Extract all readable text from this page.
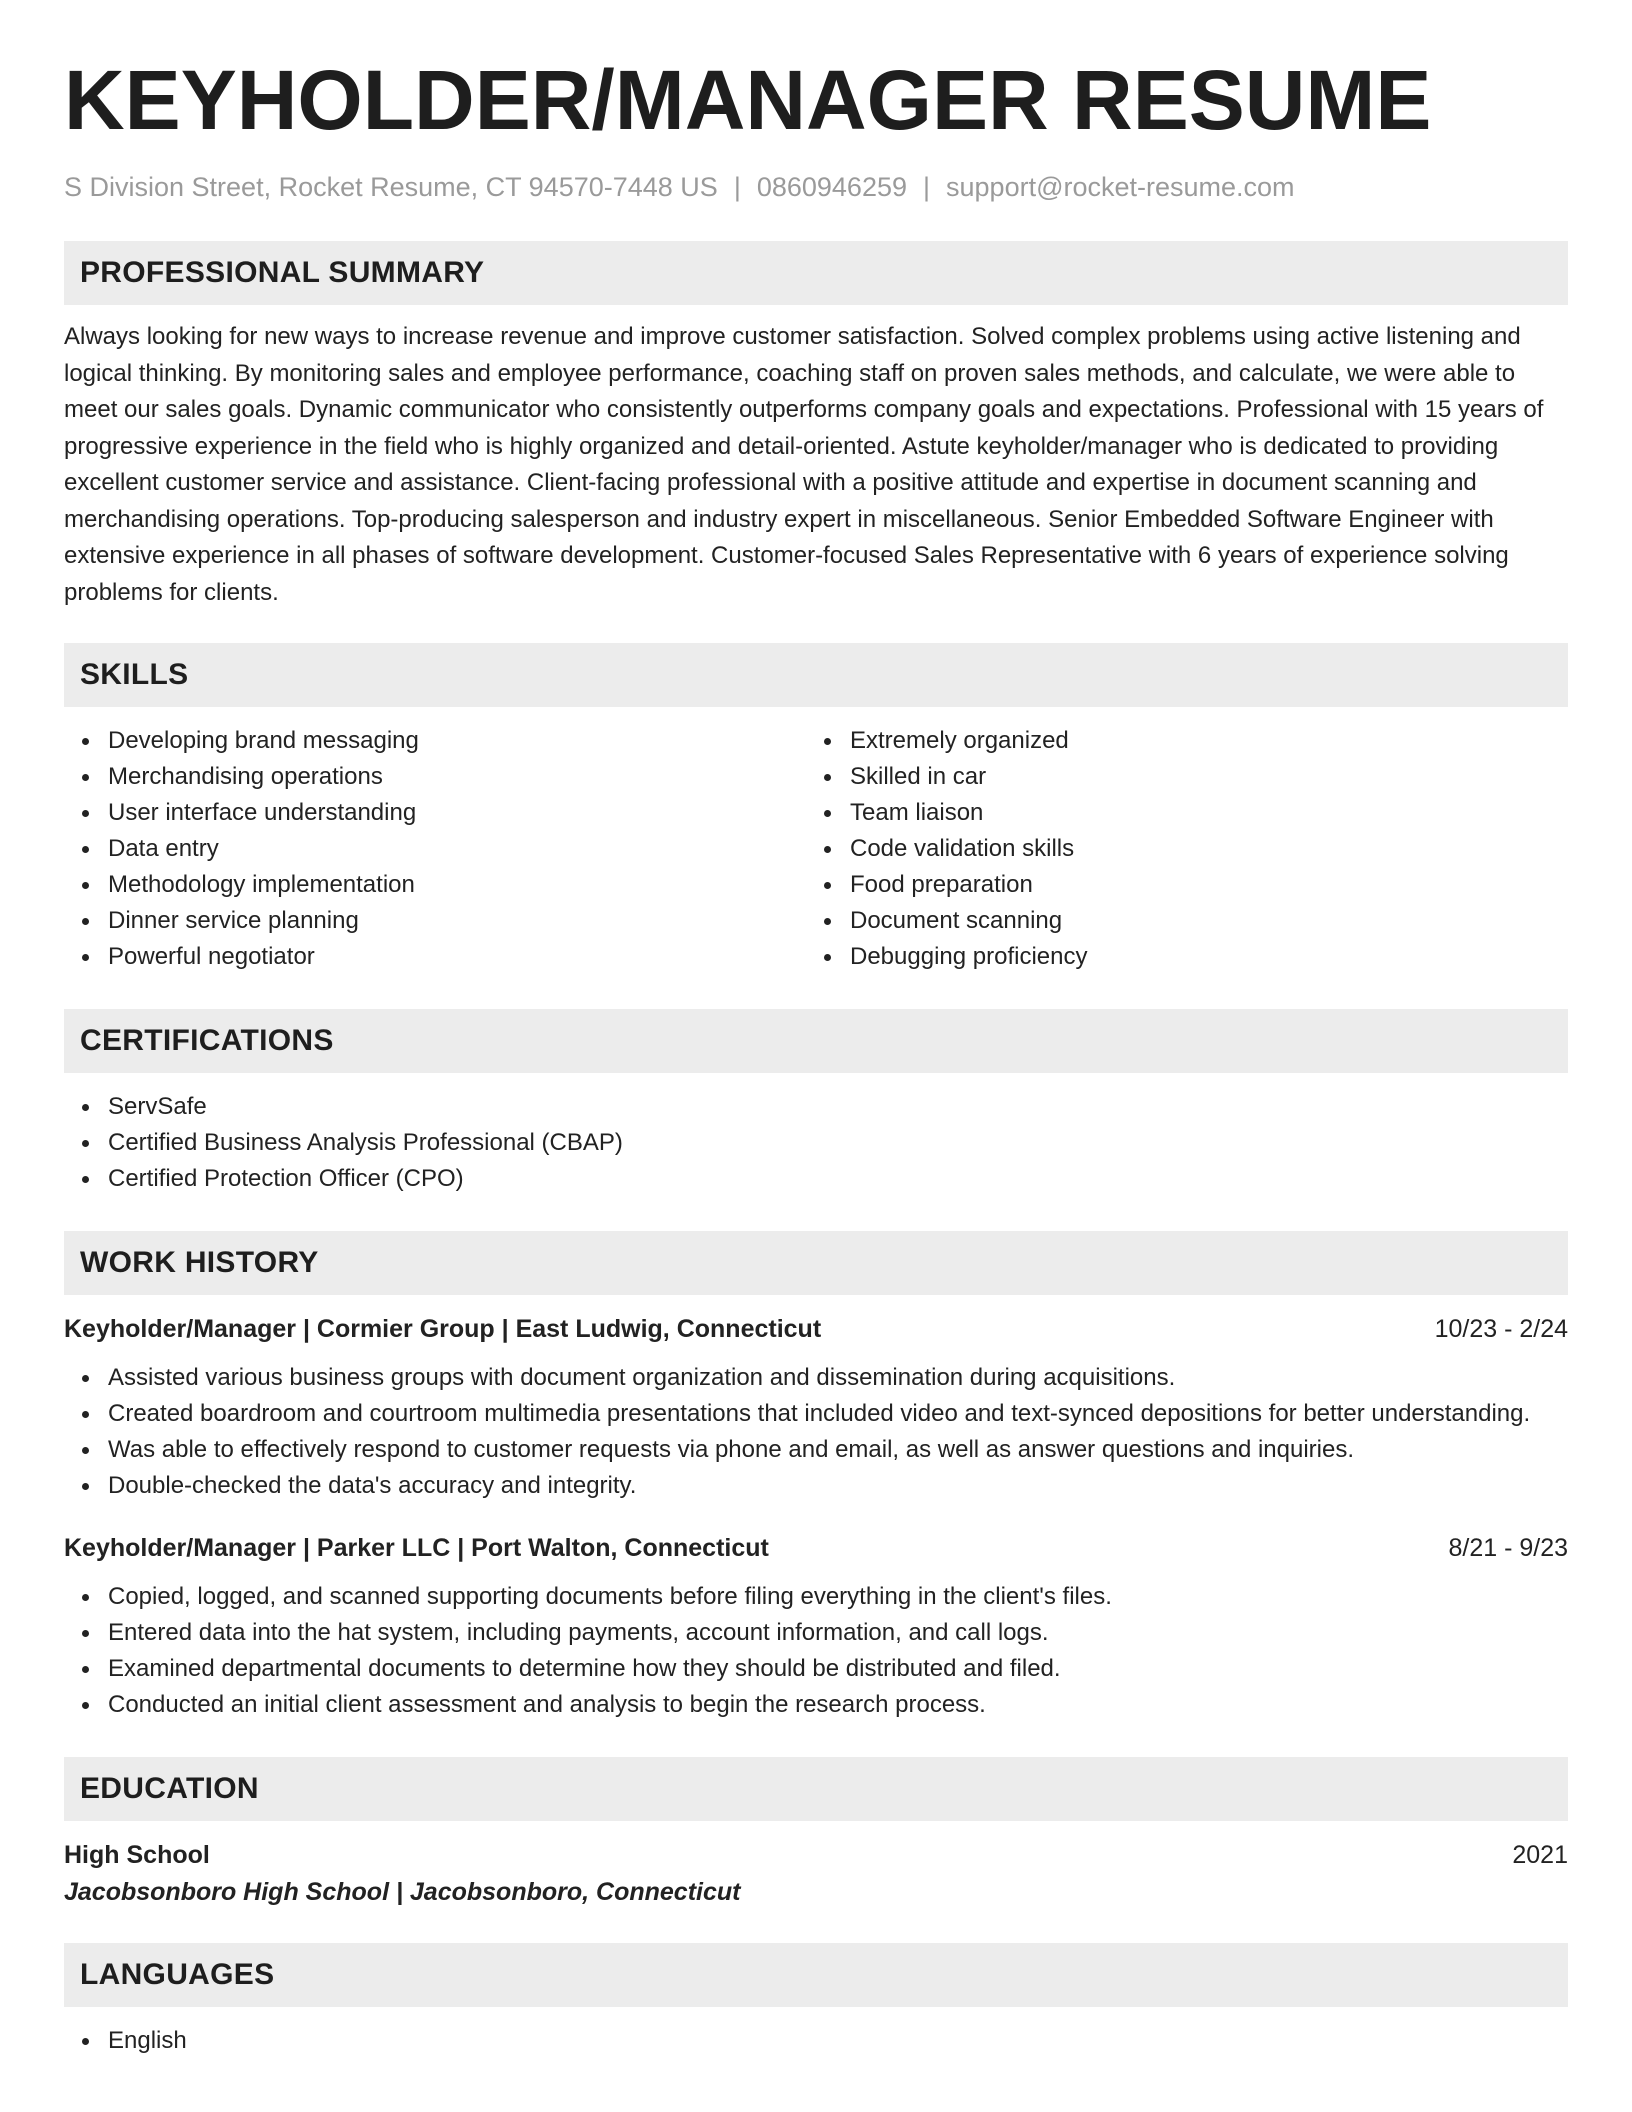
KEYHOLDER/MANAGER RESUME
S Division Street, Rocket Resume, CT 94570-7448 US | 0860946259 | support@rocket-resume.com
PROFESSIONAL SUMMARY

Always looking for new ways to increase revenue and improve customer satisfaction. Solved complex problems using active listening and logical thinking. By monitoring sales and employee performance, coaching staff on proven sales methods, and calculate, we were able to meet our sales goals. Dynamic communicator who consistently outperforms company goals and expectations. Professional with 15 years of progressive experience in the field who is highly organized and detail-oriented. Astute keyholder/manager who is dedicated to providing excellent customer service and assistance. Client-facing professional with a positive attitude and expertise in document scanning and merchandising operations. Top-producing salesperson and industry expert in miscellaneous. Senior Embedded Software Engineer with extensive experience in all phases of software development. Customer-focused Sales Representative with 6 years of experience solving problems for clients.

SKILLS
Developing brand messaging
Merchandising operations
User interface understanding
Data entry
Methodology implementation
Dinner service planning
Powerful negotiator
Extremely organized
Skilled in car
Team liaison
Code validation skills
Food preparation
Document scanning
Debugging proficiency
CERTIFICATIONS
ServSafe
Certified Business Analysis Professional (CBAP)
Certified Protection Officer (CPO)
WORK HISTORY
Keyholder/Manager | Cormier Group | East Ludwig, Connecticut	10/23 - 2/24
Assisted various business groups with document organization and dissemination during acquisitions.
Created boardroom and courtroom multimedia presentations that included video and text-synced depositions for better understanding.
Was able to effectively respond to customer requests via phone and email, as well as answer questions and inquiries.
Double-checked the data's accuracy and integrity.
Keyholder/Manager | Parker LLC | Port Walton, Connecticut	8/21 - 9/23
Copied, logged, and scanned supporting documents before filing everything in the client's files.
Entered data into the hat system, including payments, account information, and call logs.
Examined departmental documents to determine how they should be distributed and filed.
Conducted an initial client assessment and analysis to begin the research process.
EDUCATION
High School	2021
Jacobsonboro High School | Jacobsonboro, Connecticut
LANGUAGES
English
